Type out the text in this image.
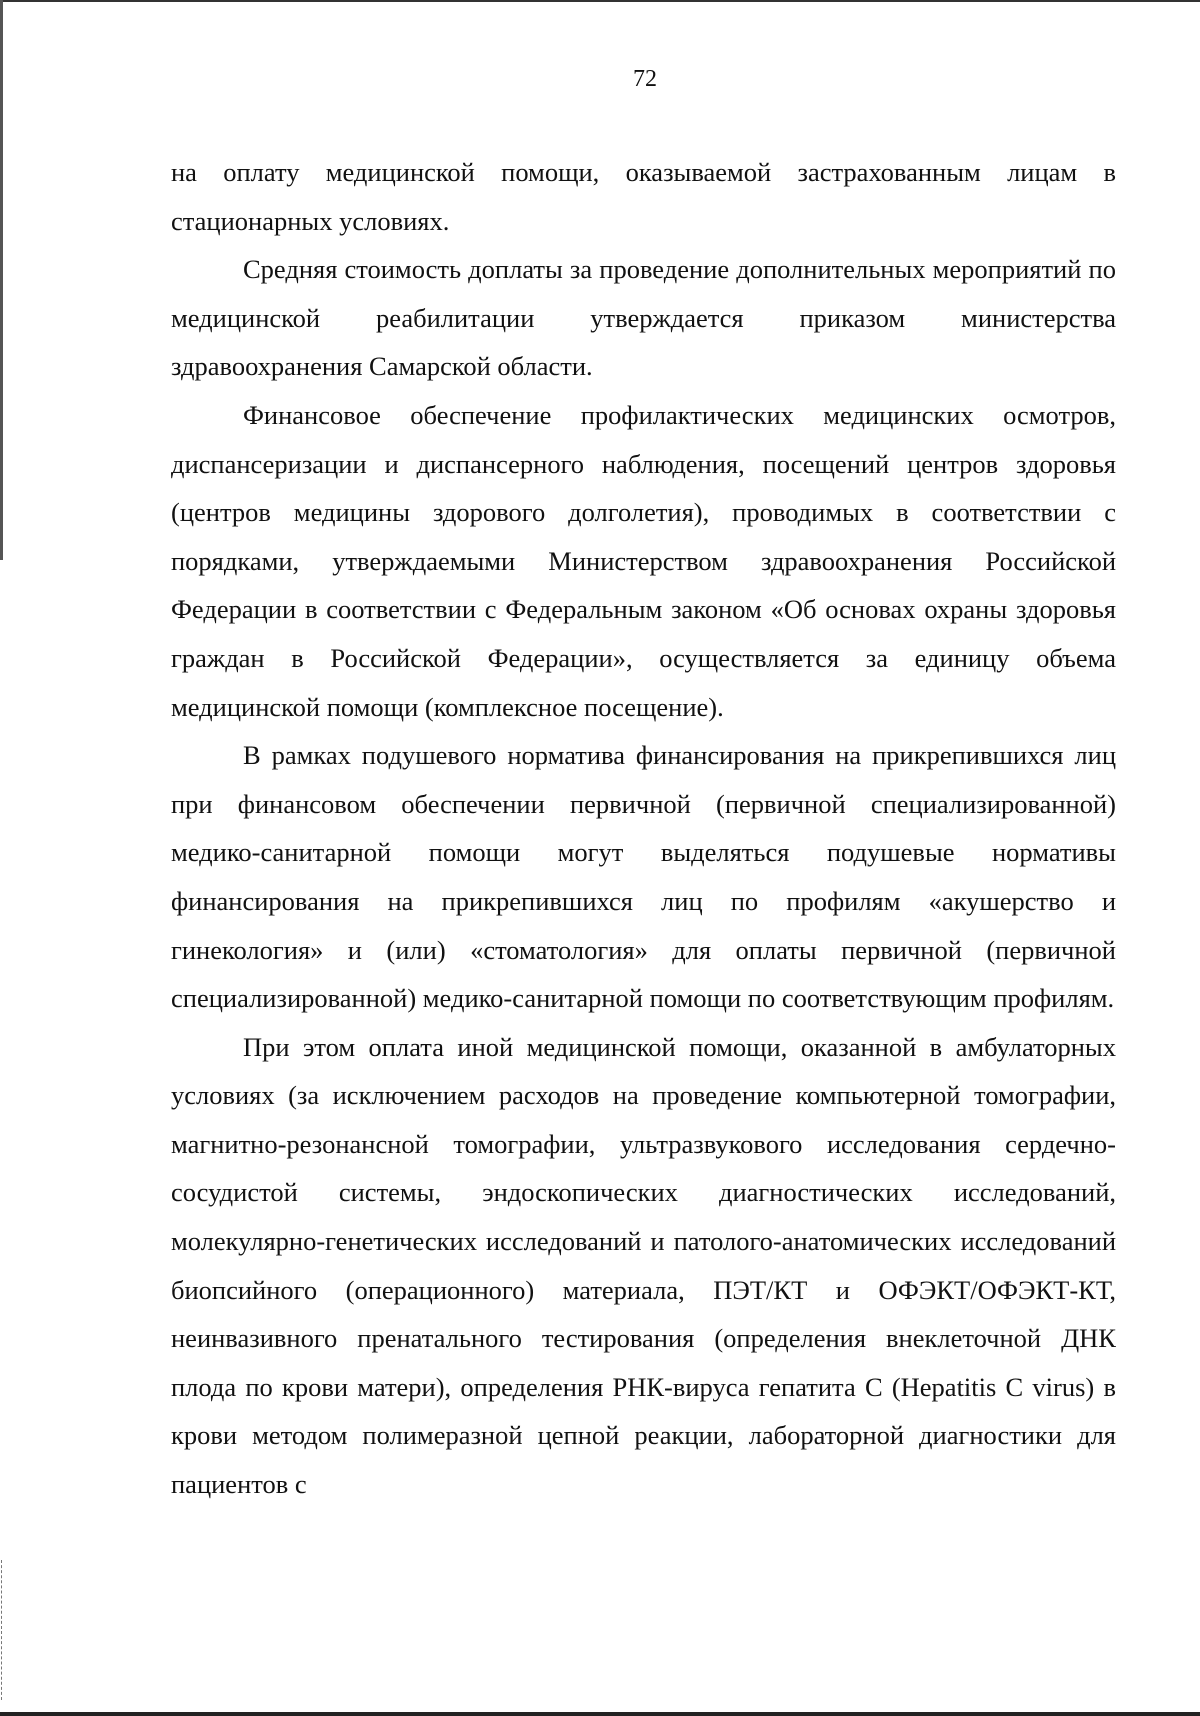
72

на оплату медицинской помощи, оказываемой застрахованным лицам в стационарных условиях.

Средняя стоимость доплаты за проведение дополнительных мероприятий по медицинской реабилитации утверждается приказом министерства здравоохранения Самарской области.

Финансовое обеспечение профилактических медицинских осмотров, диспансеризации и диспансерного наблюдения, посещений центров здоровья (центров медицины здорового долголетия), проводимых в соответствии с порядками, утверждаемыми Министерством здравоохранения Российской Федерации в соответствии с Федеральным законом «Об основах охраны здоровья граждан в Российской Федерации», осуществляется за единицу объема медицинской помощи (комплексное посещение).

В рамках подушевого норматива финансирования на прикрепившихся лиц при финансовом обеспечении первичной (первичной специализированной) медико-санитарной помощи могут выделяться подушевые нормативы финансирования на прикрепившихся лиц по профилям «акушерство и гинекология» и (или) «стоматология» для оплаты первичной (первичной специализированной) медико-санитарной помощи по соответствующим профилям.

При этом оплата иной медицинской помощи, оказанной в амбулаторных условиях (за исключением расходов на проведение компьютерной томографии, магнитно-резонансной томографии, ультразвукового исследования сердечно-сосудистой системы, эндоскопических диагностических исследований, молекулярно-генетических исследований и патолого-анатомических исследований биопсийного (операционного) материала, ПЭТ/КТ и ОФЭКТ/ОФЭКТ-КТ, неинвазивного пренатального тестирования (определения внеклеточной ДНК плода по крови матери), определения РНК-вируса гепатита С (Hepatitis C virus) в крови методом полимеразной цепной реакции, лабораторной диагностики для пациентов с
